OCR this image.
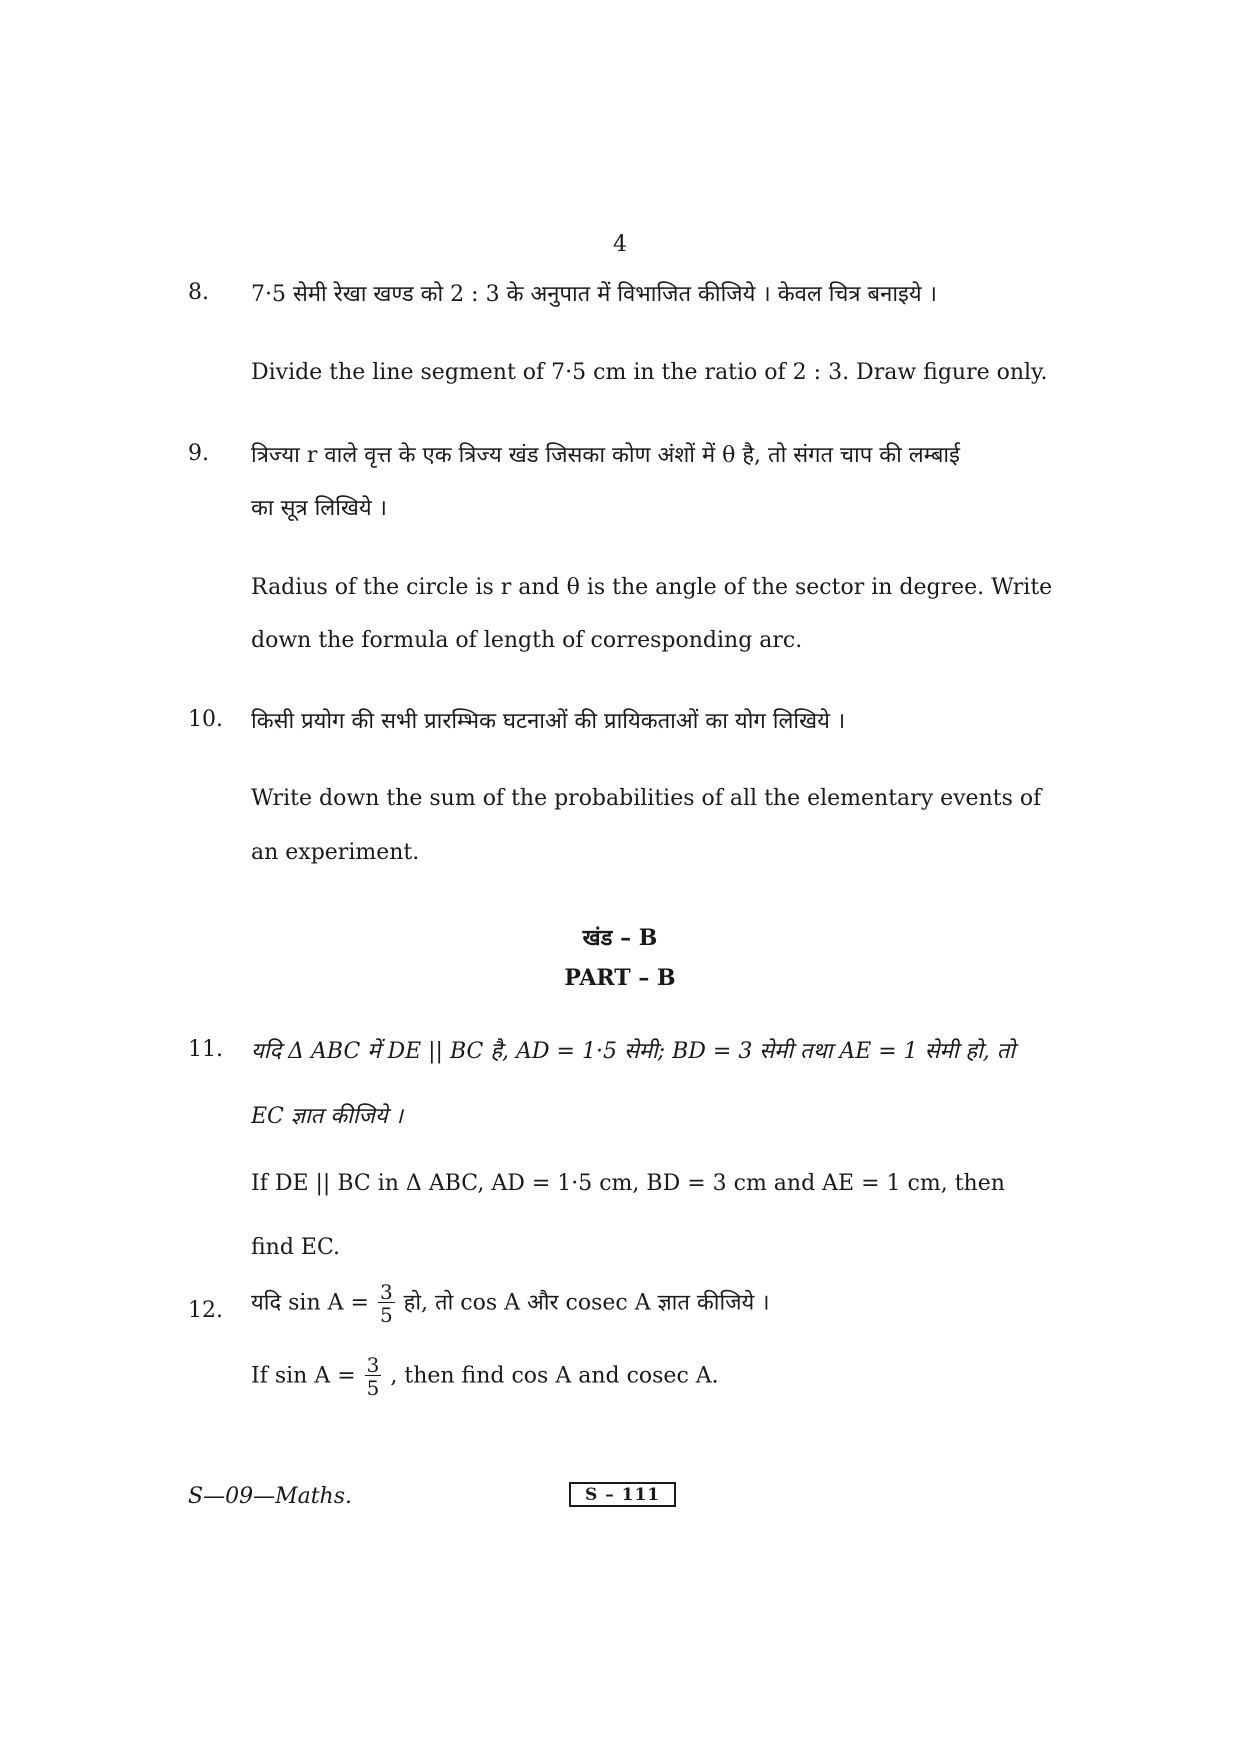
4
8. 7·5 सेमी रेखा खण्ड को 2 : 3 के अनुपात में विभाजित कीजिये । केवल चित्र बनाइये ।
Divide the line segment of 7·5 cm in the ratio of 2 : 3. Draw figure only.
9. त्रिज्या r वाले वृत्त के एक त्रिज्य खंड जिसका कोण अंशों में θ है, तो संगत चाप की लम्बाई
का सूत्र लिखिये ।
Radius of the circle is r and θ is the angle of the sector in degree. Write
down the formula of length of corresponding arc.
10. किसी प्रयोग की सभी प्रारम्भिक घटनाओं की प्रायिकताओं का योग लिखिये ।
Write down the sum of the probabilities of all the elementary events of
an experiment.
खंड – B
PART – B
11. यदि Δ ABC में DE || BC है, AD = 1·5 सेमी; BD = 3 सेमी तथा AE = 1 सेमी हो, तो
EC ज्ञात कीजिये ।
If DE || BC in Δ ABC, AD = 1·5 cm, BD = 3 cm and AE = 1 cm, then
find EC.
12. यदि $\sin A = \frac{3}{5}$ हो, तो cos A और cosec A ज्ञात कीजिये ।
If $\sin A = \frac{3}{5}$ , then find cos A and cosec A.
S—09—Maths.	S – 111
